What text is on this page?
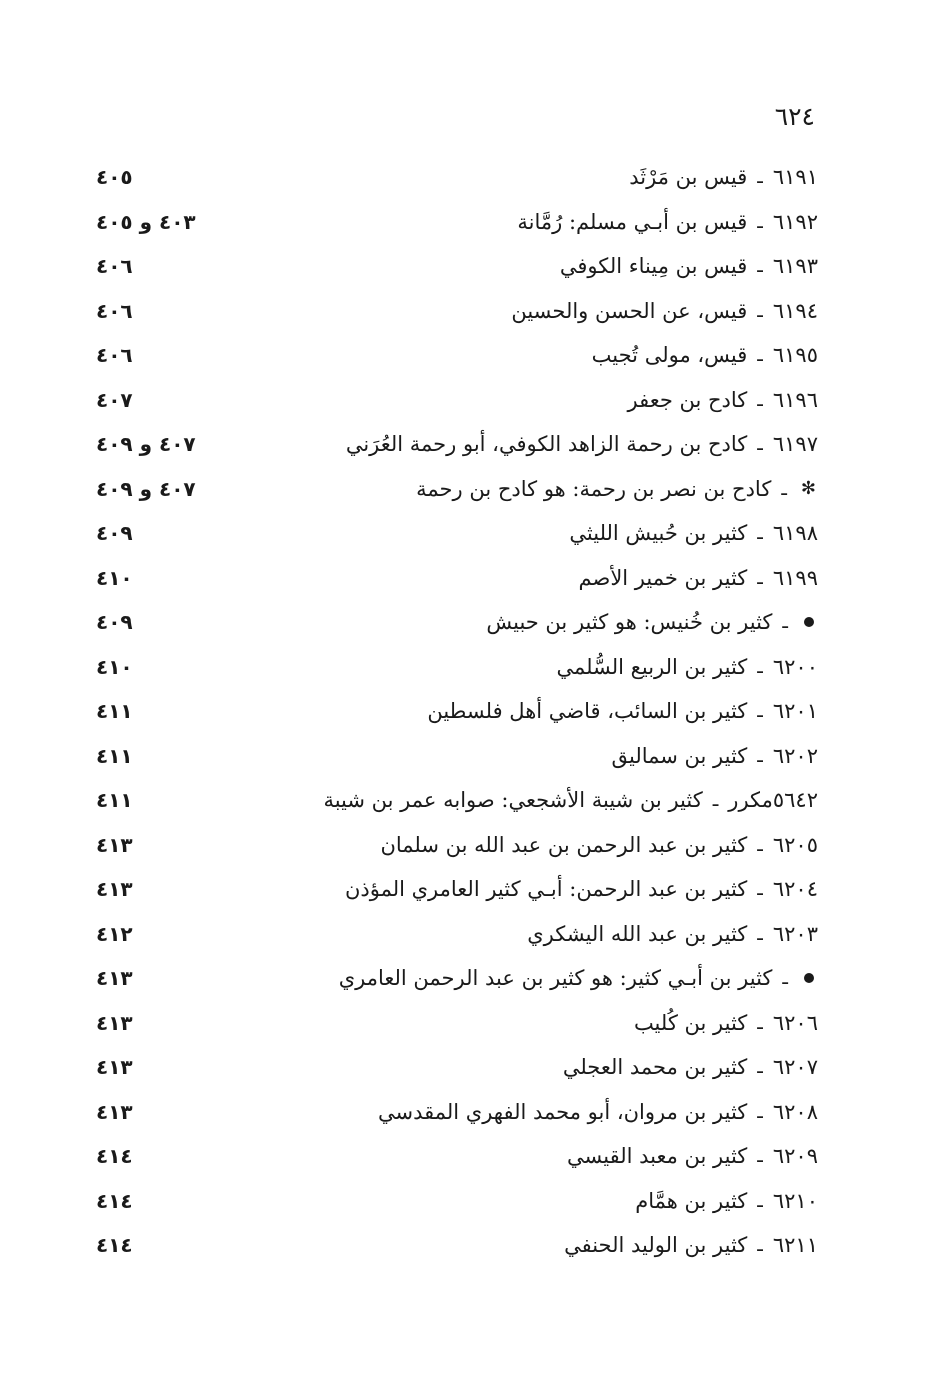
٦٢٤
٦١٩١
ـ
قيس بن مَرْثَد
٤٠٥
٦١٩٢
ـ
قيس بن أبـي مسلم: رُمَّانة
٤٠٣ و ٤٠٥
٦١٩٣
ـ
قيس بن مِيناء الكوفي
٤٠٦
٦١٩٤
ـ
قيس، عن الحسن والحسين
٤٠٦
٦١٩٥
ـ
قيس، مولى تُجيب
٤٠٦
٦١٩٦
ـ
كادح بن جعفر
٤٠٧
٦١٩٧
ـ
كادح بن رحمة الزاهد الكوفي، أبو رحمة العُرَني
٤٠٧ و ٤٠٩
✻
ـ
كادح بن نصر بن رحمة: هو كادح بن رحمة
٤٠٧ و ٤٠٩
٦١٩٨
ـ
كثير بن حُبيش الليثي
٤٠٩
٦١٩٩
ـ
كثير بن خمير الأصم
٤١٠
ـ
كثير بن خُنيس: هو كثير بن حبيش
٤٠٩
٦٢٠٠
ـ
كثير بن الربيع السُّلمي
٤١٠
٦٢٠١
ـ
كثير بن السائب، قاضي أهل فلسطين
٤١١
٦٢٠٢
ـ
كثير بن سماليق
٤١١
٥٦٤٢مكرر
ـ
كثير بن شيبة الأشجعي: صوابه عمر بن شيبة
٤١١
٦٢٠٥
ـ
كثير بن عبد الرحمن بن عبد الله بن سلمان
٤١٣
٦٢٠٤
ـ
كثير بن عبد الرحمن: أبـي كثير العامري المؤذن
٤١٣
٦٢٠٣
ـ
كثير بن عبد الله اليشكري
٤١٢
ـ
كثير بن أبـي كثير: هو كثير بن عبد الرحمن العامري
٤١٣
٦٢٠٦
ـ
كثير بن كُليب
٤١٣
٦٢٠٧
ـ
كثير بن محمد العجلي
٤١٣
٦٢٠٨
ـ
كثير بن مروان، أبو محمد الفهري المقدسي
٤١٣
٦٢٠٩
ـ
كثير بن معبد القيسي
٤١٤
٦٢١٠
ـ
كثير بن همَّام
٤١٤
٦٢١١
ـ
كثير بن الوليد الحنفي
٤١٤
